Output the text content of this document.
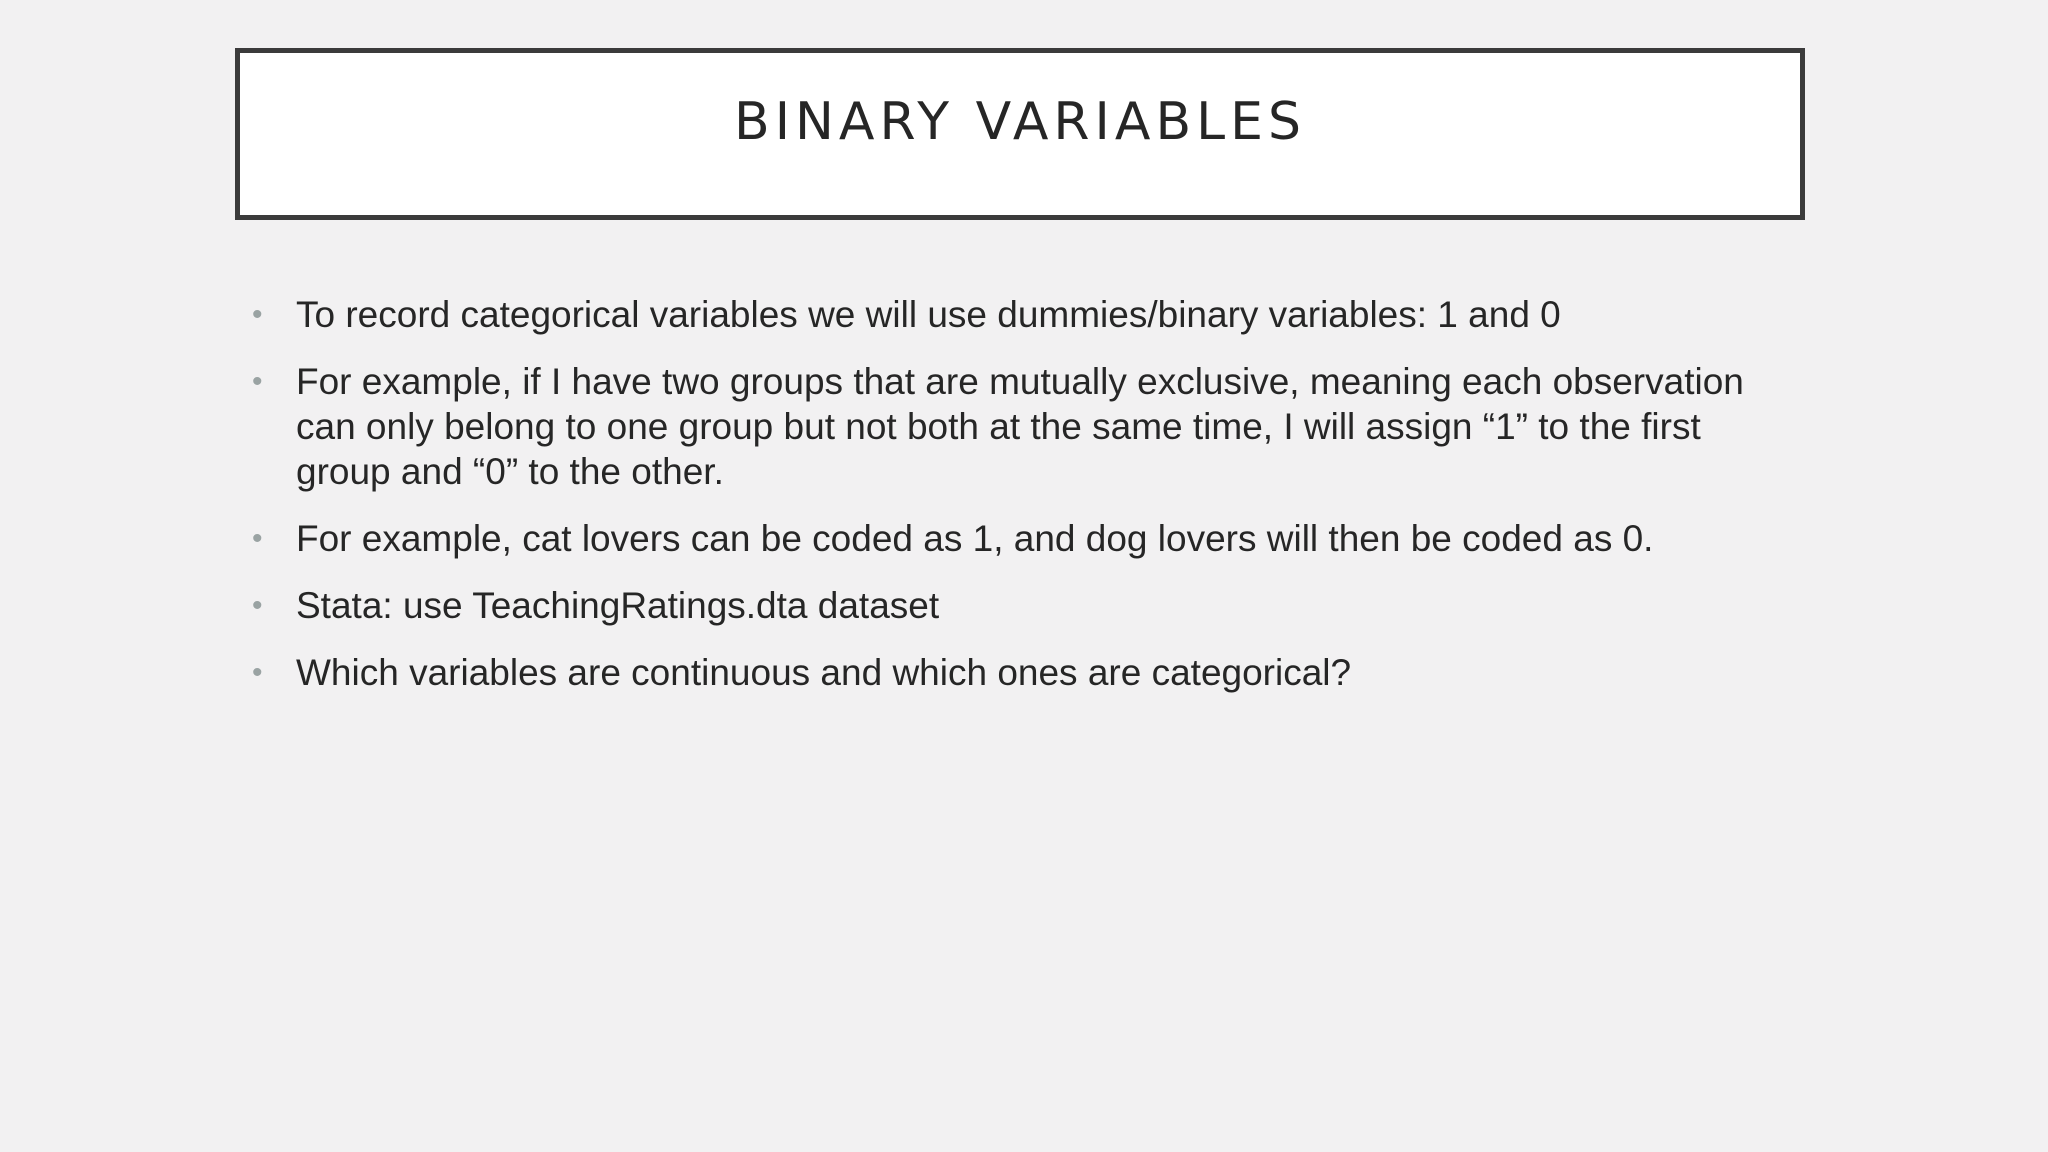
BINARY VARIABLES
• To record categorical variables we will use dummies/binary variables: 1 and 0
• For example, if I have two groups that are mutually exclusive, meaning each observation can only belong to one group but not both at the same time, I will assign “1” to the first group and “0” to the other.
• For example, cat lovers can be coded as 1, and dog lovers will then be coded as 0.
• Stata: use TeachingRatings.dta dataset
• Which variables are continuous and which ones are categorical?
